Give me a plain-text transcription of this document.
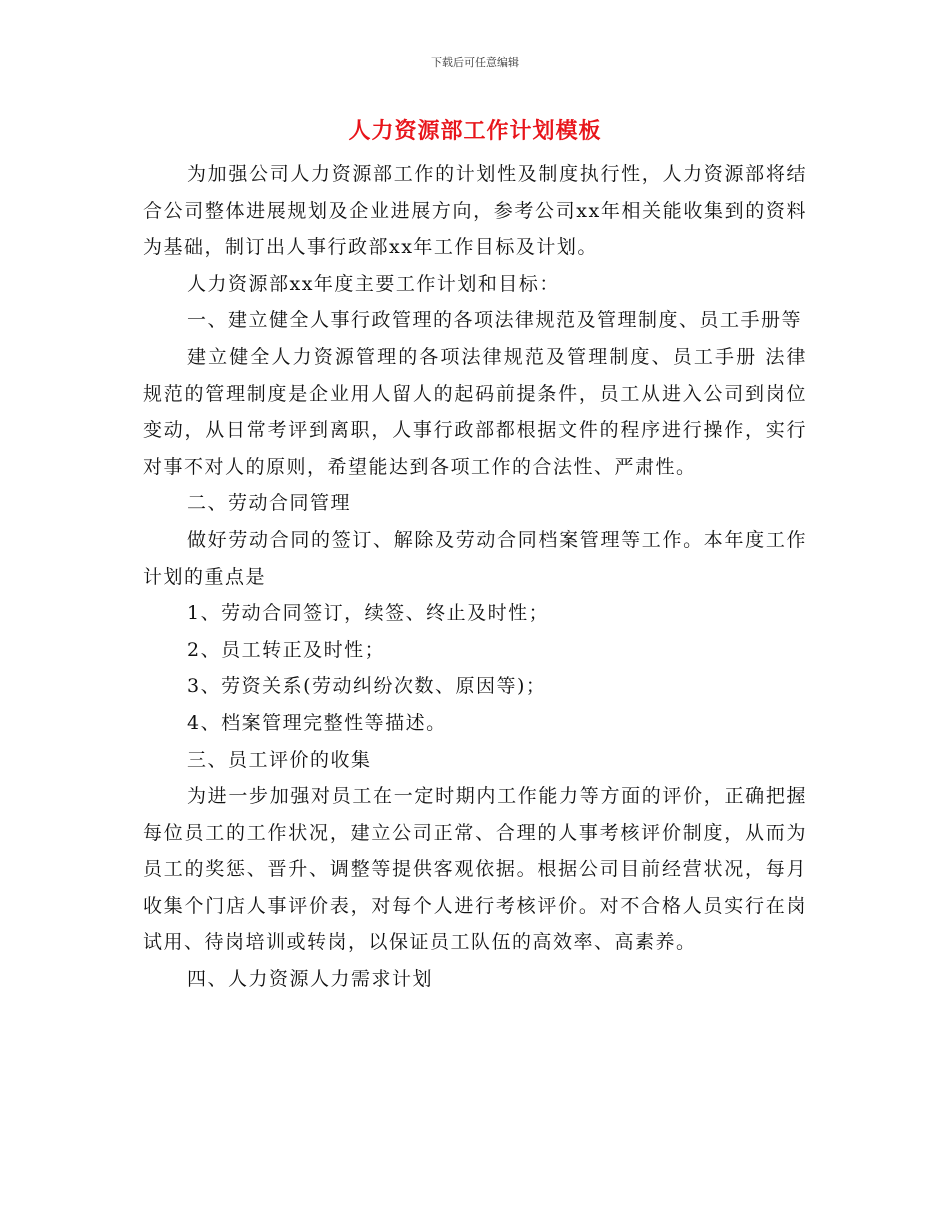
下载后可任意编辑
人力资源部工作计划模板

为加强公司人力资源部工作的计划性及制度执行性，人力资源部将结合公司整体进展规划及企业进展方向，参考公司xx年相关能收集到的资料为基础，制订出人事行政部xx年工作目标及计划。

人力资源部xx年度主要工作计划和目标：

一、建立健全人事行政管理的各项法律规范及管理制度、员工手册等

建立健全人力资源管理的各项法律规范及管理制度、员工手册 法律规范的管理制度是企业用人留人的起码前提条件，员工从进入公司到岗位变动，从日常考评到离职，人事行政部都根据文件的程序进行操作，实行对事不对人的原则，希望能达到各项工作的合法性、严肃性。

二、劳动合同管理

做好劳动合同的签订、解除及劳动合同档案管理等工作。本年度工作计划的重点是

1、劳动合同签订，续签、终止及时性；

2、员工转正及时性；

3、劳资关系(劳动纠纷次数、原因等)；

4、档案管理完整性等描述。

三、员工评价的收集

为进一步加强对员工在一定时期内工作能力等方面的评价，正确把握每位员工的工作状况，建立公司正常、合理的人事考核评价制度，从而为员工的奖惩、晋升、调整等提供客观依据。根据公司目前经营状况，每月收集个门店人事评价表，对每个人进行考核评价。对不合格人员实行在岗试用、待岗培训或转岗，以保证员工队伍的高效率、高素养。

四、人力资源人力需求计划
